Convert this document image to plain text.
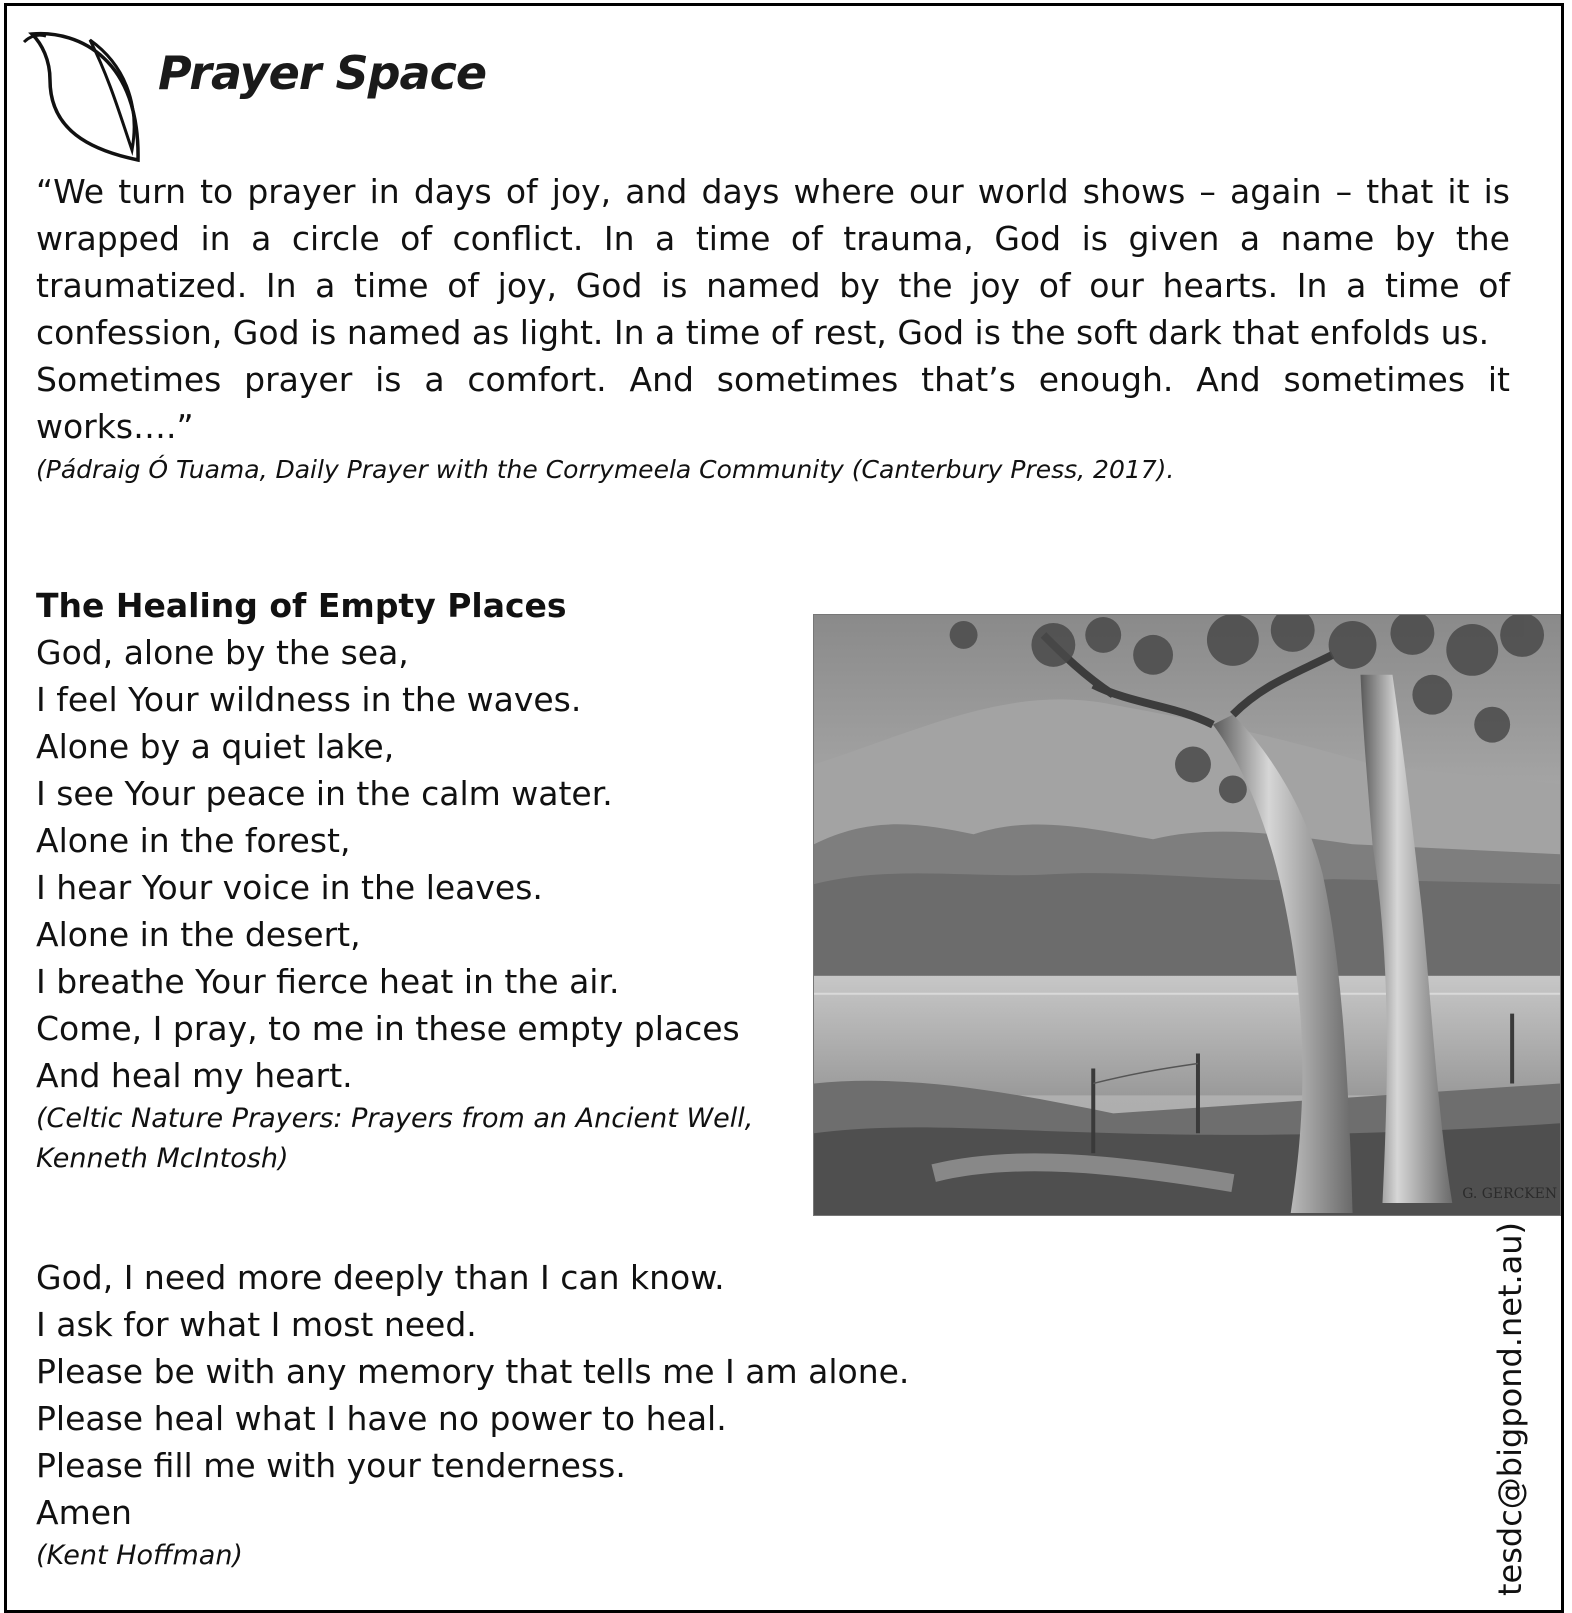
Prayer Space

“We turn to prayer in days of joy, and days where our world shows – again – that it is wrapped in a circle of conflict. In a time of trauma, God is given a name by the traumatized. In a time of joy, God is named by the joy of our hearts. In a time of confession, God is named as light. In a time of rest, God is the soft dark that enfolds us.

Sometimes prayer is a comfort. And sometimes that’s enough. And sometimes it works….”

(Pádraig Ó Tuama, Daily Prayer with the Corrymeela Community (Canterbury Press, 2017).

The Healing of Empty Places

God, alone by the sea,

I feel Your wildness in the waves.

Alone by a quiet lake,

I see Your peace in the calm water.

Alone in the forest,

I hear Your voice in the leaves.

Alone in the desert,

I breathe Your fierce heat in the air.

Come, I pray, to me in these empty places

And heal my heart.

(Celtic Nature Prayers: Prayers from an Ancient Well, Kenneth McIntosh)

G. GERCKEN

God, I need more deeply than I can know.

I ask for what I most need.

Please be with any memory that tells me I am alone.

Please heal what I have no power to heal.

Please fill me with your tenderness.

Amen

(Kent Hoffman)	tesdc@bigpond.net.au)
